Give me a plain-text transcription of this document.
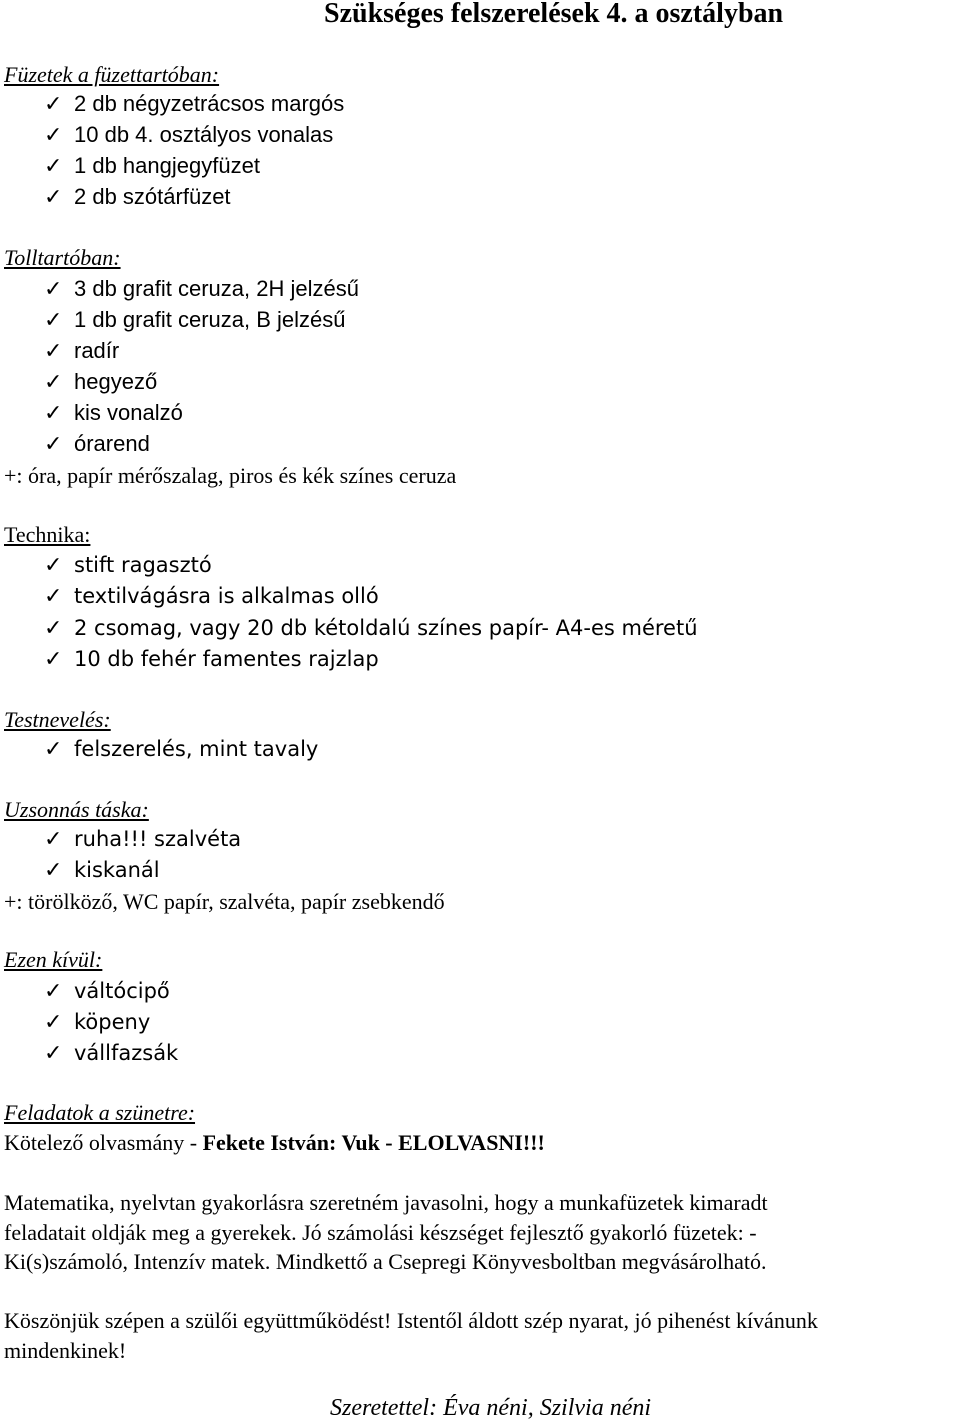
Szükséges felszerelések 4. a osztályban
Füzetek a füzettartóban:
✓ 2 db négyzetrácsos margós
✓ 10 db 4. osztályos vonalas
✓ 1 db hangjegyfüzet
✓ 2 db szótárfüzet
Tolltartóban:
✓ 3 db grafit ceruza, 2H jelzésű
✓ 1 db grafit ceruza, B jelzésű
✓ radír
✓ hegyező
✓ kis vonalzó
✓ órarend
+: óra, papír mérőszalag, piros és kék színes ceruza
Technika:
✓ stift ragasztó
✓ textilvágásra is alkalmas olló
✓ 2 csomag, vagy 20 db kétoldalú színes papír- A4-es méretű
✓ 10 db fehér famentes rajzlap
Testnevelés:
✓ felszerelés, mint tavaly
Uzsonnás táska:
✓ ruha!!! szalvéta
✓ kiskanál
+: törölköző, WC papír, szalvéta, papír zsebkendő
Ezen kívül:
✓ váltócipő
✓ köpeny
✓ vállfazsák
Feladatok a szünetre:
Kötelező olvasmány - Fekete István: Vuk - ELOLVASNI!!!
Matematika, nyelvtan gyakorlásra szeretném javasolni, hogy a munkafüzetek kimaradt
feladatait oldják meg a gyerekek. Jó számolási készséget fejlesztő gyakorló füzetek: -
Ki(s)számoló, Intenzív matek. Mindkettő a Csepregi Könyvesboltban megvásárolható.
Köszönjük szépen a szülői együttműködést! Istentől áldott szép nyarat, jó pihenést kívánunk
mindenkinek!
Szeretettel: Éva néni, Szilvia néni
